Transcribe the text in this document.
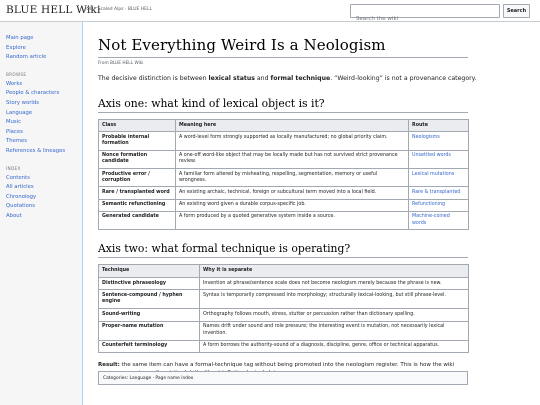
BLUE HELL Wiki
JQD · Scaled Alps · BLUE HELL
Search the wiki	Search
Main page
Explore
Random article
BROWSE
Works
People & characters
Story worlds
Language
Music
Places
Themes
References & lineages
INDEX
Contents
All articles
Chronology
Quotations
About
Not Everything Weird Is a Neologism
From BLUE HELL Wiki

The decisive distinction is between lexical status and formal technique. “Weird-looking” is not a provenance category.

Axis one: what kind of lexical object is it?
Class	Meaning here	Route
Probable internal formation	A word-level form strongly supported as locally manufactured; no global priority claim.	Neologisms
Nonce formation candidate	A one-off word-like object that may be locally made but has not survived strict provenance review.	Unsettled words
Productive error / corruption	A familiar form altered by misheating, respelling, segmentation, memory or useful wrongness.	Lexical mutations
Rare / transplanted word	An existing archaic, technical, foreign or subcultural term moved into a local field.	Rare & transplanted
Semantic refunctioning	An existing word given a durable corpus-specific job.	Refunctioning
Generated candidate	A form produced by a quoted generative system inside a source.	Machine-coined words
Axis two: what formal technique is operating?
Technique	Why it is separate
Distinctive phraseology	Invention at phrase/sentence scale does not become neologism merely because the phrase is new.
Sentence-compound / hyphen engine	Syntax is temporarily compressed into morphology; structurally lexical-looking, but still phrase-level.
Sound-writing	Orthography follows mouth, stress, stutter or percussion rather than dictionary spelling.
Proper-name mutation	Names drift under sound and role pressure; the interesting event is mutation, not necessarily lexical invention.
Counterfeit terminology	A form borrows the authority-sound of a diagnosis, discipline, genre, office or technical apparatus.

Result: the same item can have a formal-technique tag without being promoted into the neologism register. This is how the wiki

Categories: Language · Page name index
